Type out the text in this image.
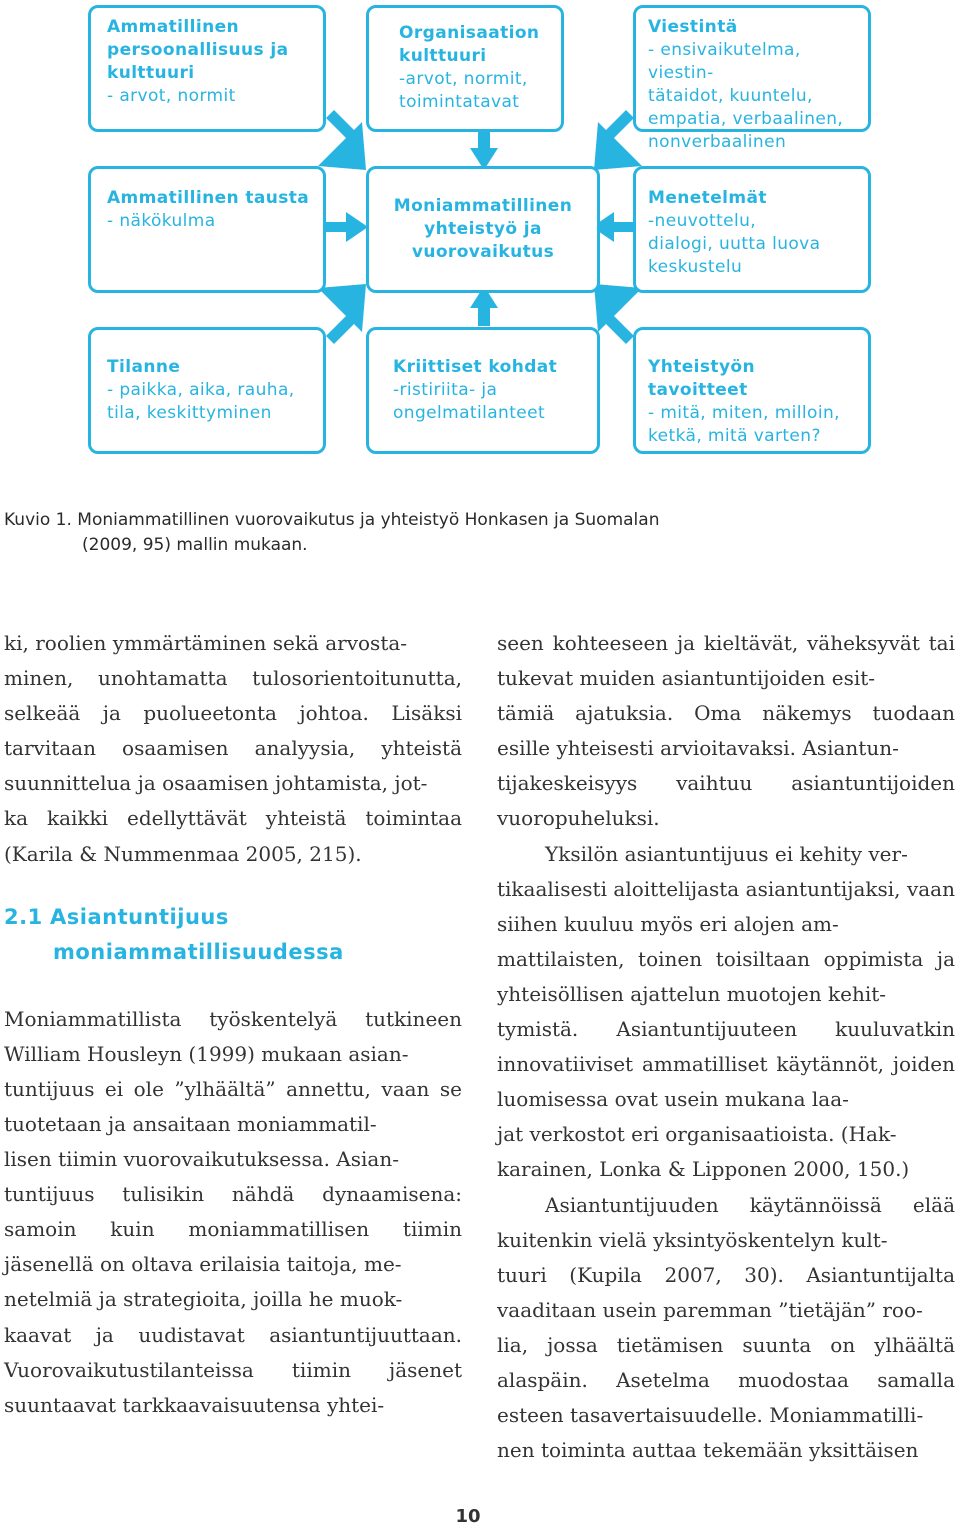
Ammatillinen persoonallisuus ja kulttuuri
- arvot, normit
Organisaation kulttuuri
-arvot, normit,
toimintatavat
Viestintä
- ensivaikutelma, viestin-
tätaidot, kuuntelu,
empatia, verbaalinen,
nonverbaalinen
Ammatillinen tausta
- näkökulma
Moniammatillinen yhteistyö ja vuorovaikutus
Menetelmät
-neuvottelu,
dialogi, uutta luova
keskustelu
Tilanne
- paikka, aika, rauha,
tila, keskittyminen
Kriittiset kohdat
-ristiriita- ja
ongelmatilanteet
Yhteistyön tavoitteet
- mitä, miten, milloin,
ketkä, mitä varten?
Kuvio 1. Moniammatillinen vuorovaikutus ja yhteistyö Honkasen ja Suomalan
(2009, 95) mallin mukaan.

ki, roolien ymmärtäminen sekä arvosta-
minen, unohtamatta tulosorientoitunutta, selkeää ja puolueetonta johtoa. Lisäksi tarvitaan osaamisen analyysia, yhteistä suunnittelua ja osaamisen johtamista, jot-
ka kaikki edellyttävät yhteistä toimintaa (Karila & Nummenmaa 2005, 215).

2.1 Asiantuntijuus
moniammatillisuudessa

Moniammatillista työskentelyä tutkineen William Housleyn (1999) mukaan asian-
tuntijuus ei ole ”ylhäältä” annettu, vaan se tuotetaan ja ansaitaan moniammatil-
lisen tiimin vuorovaikutuksessa. Asian-
tuntijuus tulisikin nähdä dynaamisena: samoin kuin moniammatillisen tiimin jäsenellä on oltava erilaisia taitoja, me-
netelmiä ja strategioita, joilla he muok-
kaavat ja uudistavat asiantuntijuuttaan. Vuorovaikutustilanteissa tiimin jäsenet suuntaavat tarkkaavaisuutensa yhtei-

seen kohteeseen ja kieltävät, väheksyvät tai tukevat muiden asiantuntijoiden esit-
tämiä ajatuksia. Oma näkemys tuodaan esille yhteisesti arvioitavaksi. Asiantun-
tijakeskeisyys vaihtuu asiantuntijoiden vuoropuheluksi.

Yksilön asiantuntijuus ei kehity ver-
tikaalisesti aloittelijasta asiantuntijaksi, vaan siihen kuuluu myös eri alojen am-
mattilaisten, toinen toisiltaan oppimista ja yhteisöllisen ajattelun muotojen kehit-
tymistä. Asiantuntijuuteen kuuluvatkin innovatiiviset ammatilliset käytännöt, joiden luomisessa ovat usein mukana laa-
jat verkostot eri organisaatioista. (Hak-
karainen, Lonka & Lipponen 2000, 150.)

Asiantuntijuuden käytännöissä elää kuitenkin vielä yksintyöskentelyn kult-
tuuri (Kupila 2007, 30). Asiantuntijalta vaaditaan usein paremman ”tietäjän” roo-
lia, jossa tietämisen suunta on ylhäältä alaspäin. Asetelma muodostaa samalla esteen tasavertaisuudelle. Moniammatilli-
nen toiminta auttaa tekemään yksittäisen

10
